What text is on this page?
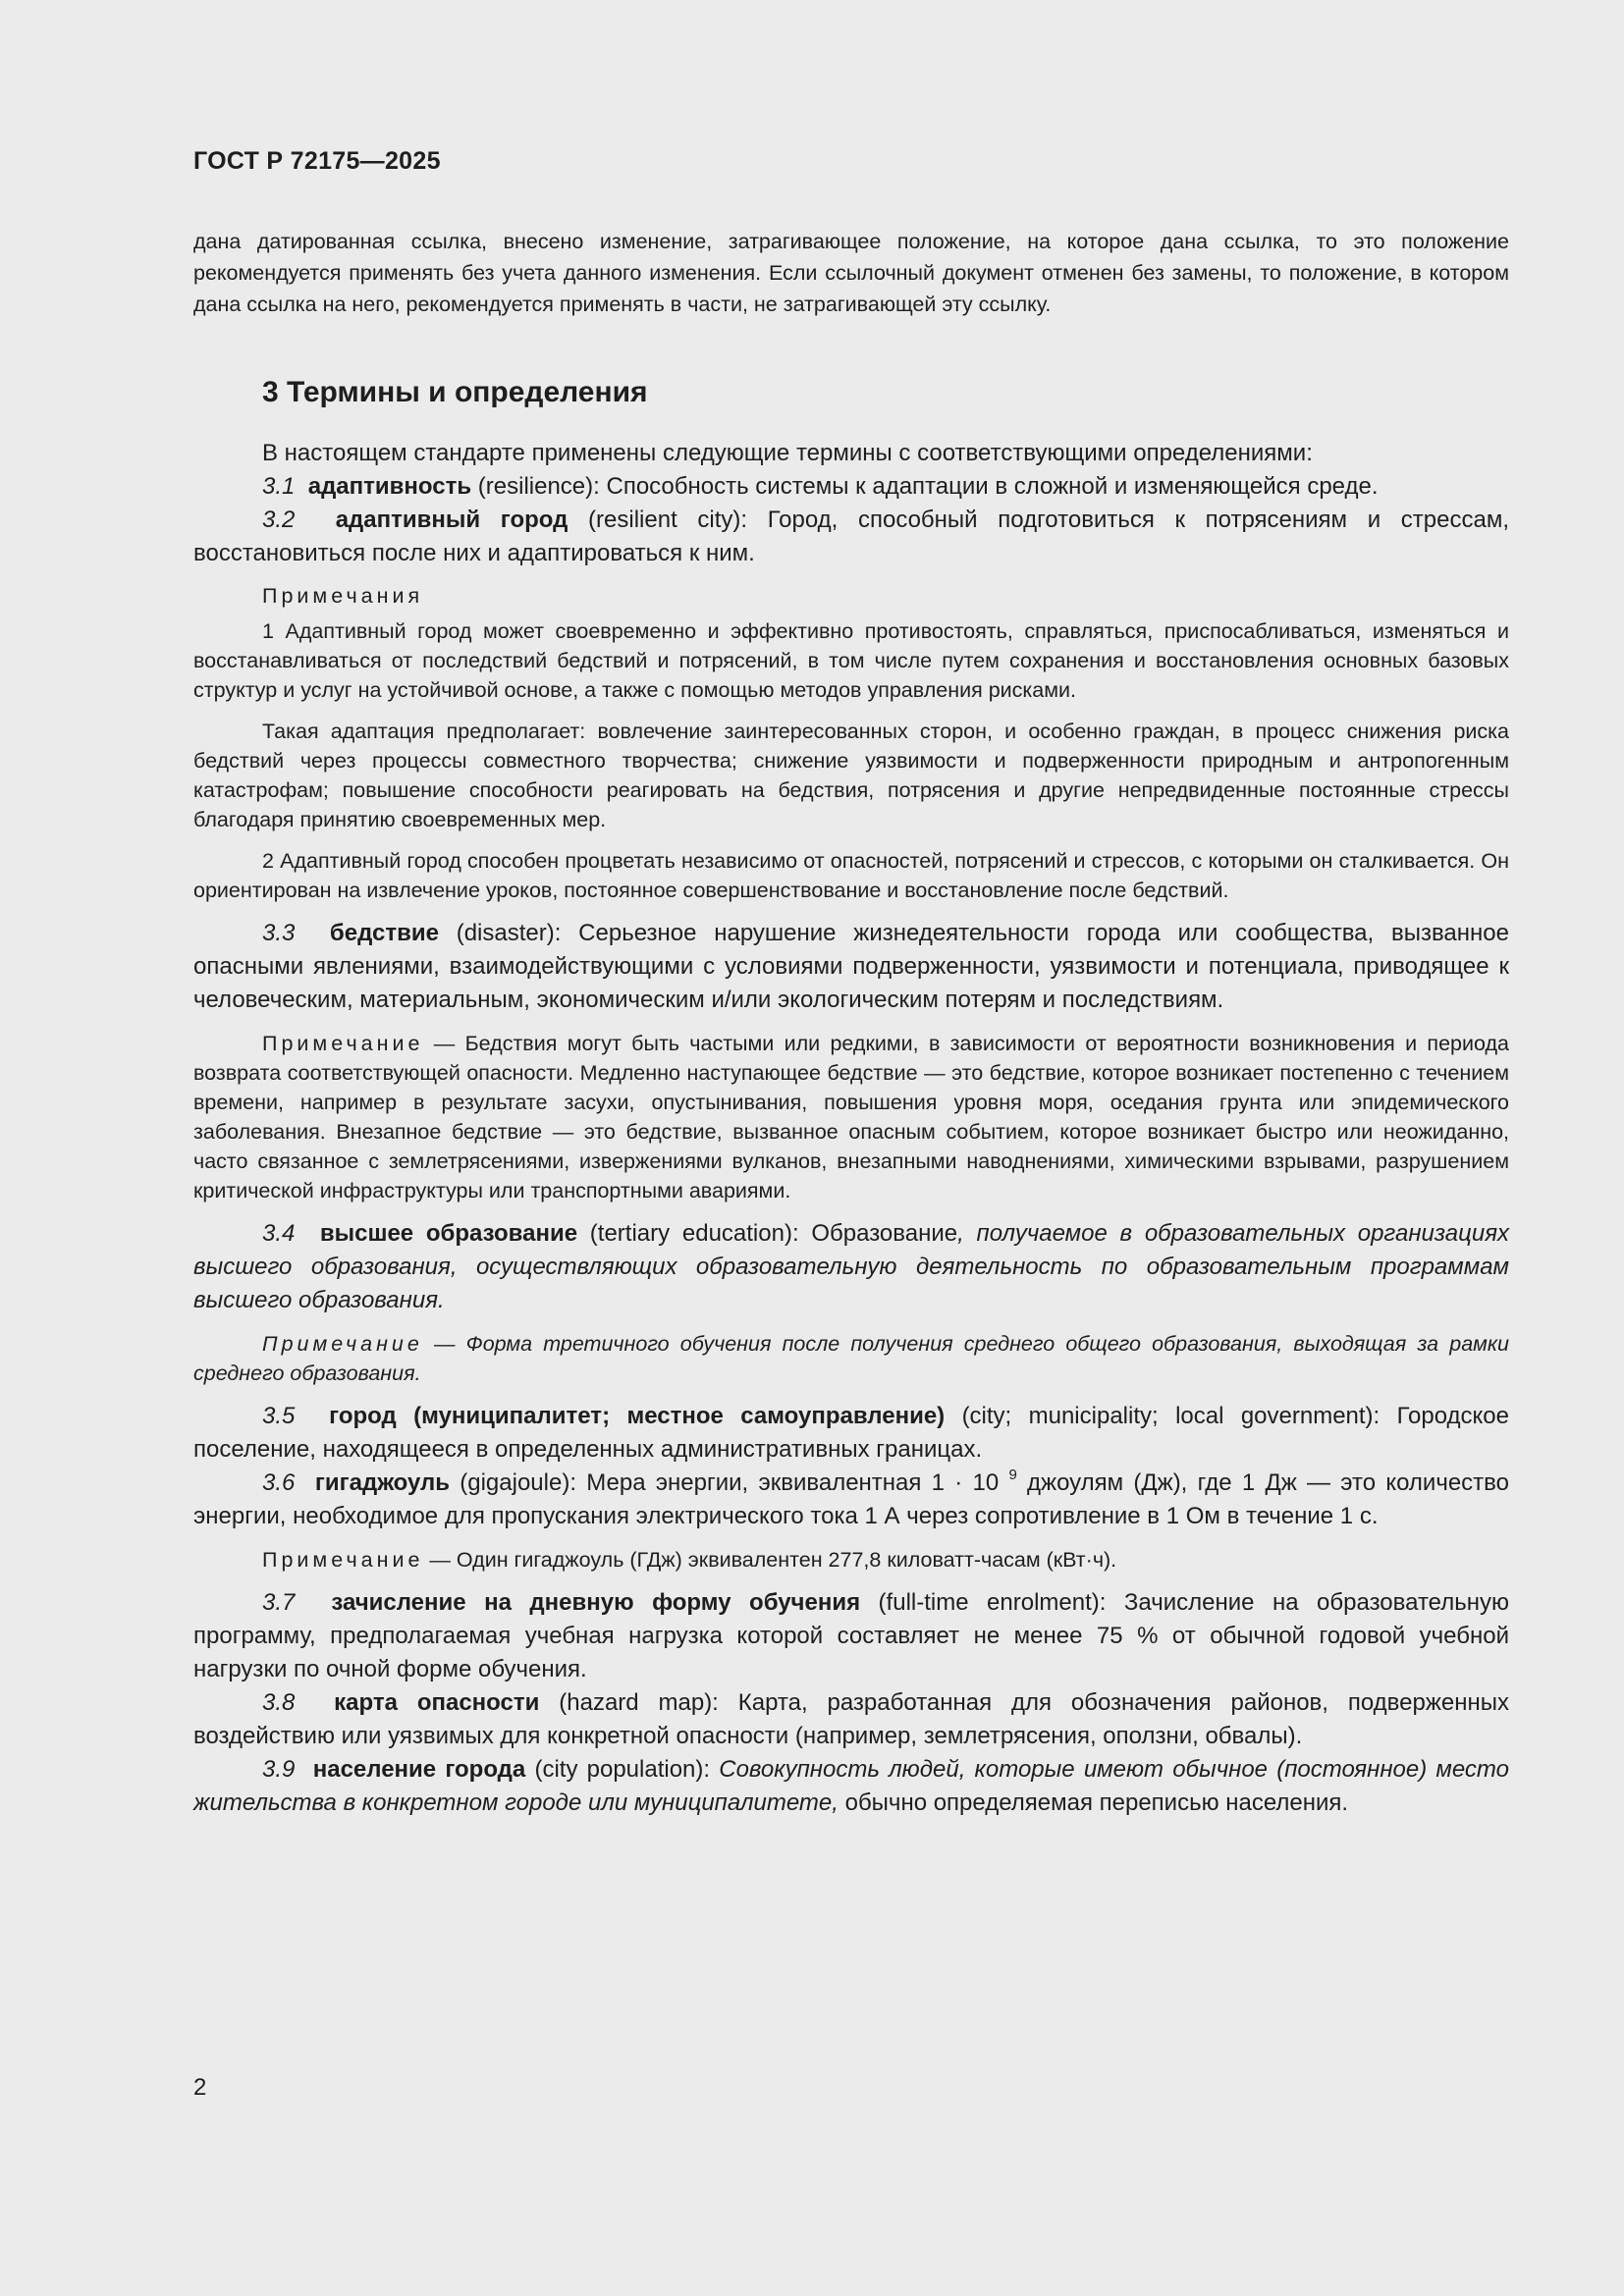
ГОСТ Р 72175—2025

дана датированная ссылка, внесено изменение, затрагивающее положение, на которое дана ссылка, то это положение рекомендуется применять без учета данного изменения. Если ссылочный документ отменен без замены, то положение, в котором дана ссылка на него, рекомендуется применять в части, не затрагивающей эту ссылку.

3 Термины и определения

В настоящем стандарте применены следующие термины с соответствующими определениями:

3.1 адаптивность (resilience): Способность системы к адаптации в сложной и изменяющейся среде.

3.2 адаптивный город (resilient city): Город, способный подготовиться к потрясениям и стрессам, восстановиться после них и адаптироваться к ним.

Примечания

1 Адаптивный город может своевременно и эффективно противостоять, справляться, приспосабливаться, изменяться и восстанавливаться от последствий бедствий и потрясений, в том числе путем сохранения и восстановления основных базовых структур и услуг на устойчивой основе, а также с помощью методов управления рисками.

Такая адаптация предполагает: вовлечение заинтересованных сторон, и особенно граждан, в процесс снижения риска бедствий через процессы совместного творчества; снижение уязвимости и подверженности природным и антропогенным катастрофам; повышение способности реагировать на бедствия, потрясения и другие непредвиденные постоянные стрессы благодаря принятию своевременных мер.

2 Адаптивный город способен процветать независимо от опасностей, потрясений и стрессов, с которыми он сталкивается. Он ориентирован на извлечение уроков, постоянное совершенствование и восстановление после бедствий.

3.3 бедствие (disaster): Серьезное нарушение жизнедеятельности города или сообщества, вызванное опасными явлениями, взаимодействующими с условиями подверженности, уязвимости и потенциала, приводящее к человеческим, материальным, экономическим и/или экологическим потерям и последствиям.

Примечание — Бедствия могут быть частыми или редкими, в зависимости от вероятности возникновения и периода возврата соответствующей опасности. Медленно наступающее бедствие — это бедствие, которое возникает постепенно с течением времени, например в результате засухи, опустынивания, повышения уровня моря, оседания грунта или эпидемического заболевания. Внезапное бедствие — это бедствие, вызванное опасным событием, которое возникает быстро или неожиданно, часто связанное с землетрясениями, извержениями вулканов, внезапными наводнениями, химическими взрывами, разрушением критической инфраструктуры или транспортными авариями.

3.4 высшее образование (tertiary education): Образование, получаемое в образовательных организациях высшего образования, осуществляющих образовательную деятельность по образовательным программам высшего образования.

Примечание — Форма третичного обучения после получения среднего общего образования, выходящая за рамки среднего образования.

3.5 город (муниципалитет; местное самоуправление) (city; municipality; local government): Городское поселение, находящееся в определенных административных границах.

3.6 гигаджоуль (gigajoule): Мера энергии, эквивалентная 1 · 10 $^9$ джоулям (Дж), где 1 Дж — это количество энергии, необходимое для пропускания электрического тока 1 А через сопротивление в 1 Ом в течение 1 с.

Примечание — Один гигаджоуль (ГДж) эквивалентен 277,8 киловатт-часам (кВт·ч).

3.7 зачисление на дневную форму обучения (full-time enrolment): Зачисление на образовательную программу, предполагаемая учебная нагрузка которой составляет не менее 75 % от обычной годовой учебной нагрузки по очной форме обучения.

3.8 карта опасности (hazard map): Карта, разработанная для обозначения районов, подверженных воздействию или уязвимых для конкретной опасности (например, землетрясения, оползни, обвалы).

3.9 население города (city population): Совокупность людей, которые имеют обычное (постоянное) место жительства в конкретном городе или муниципалитете, обычно определяемая переписью населения.

2
